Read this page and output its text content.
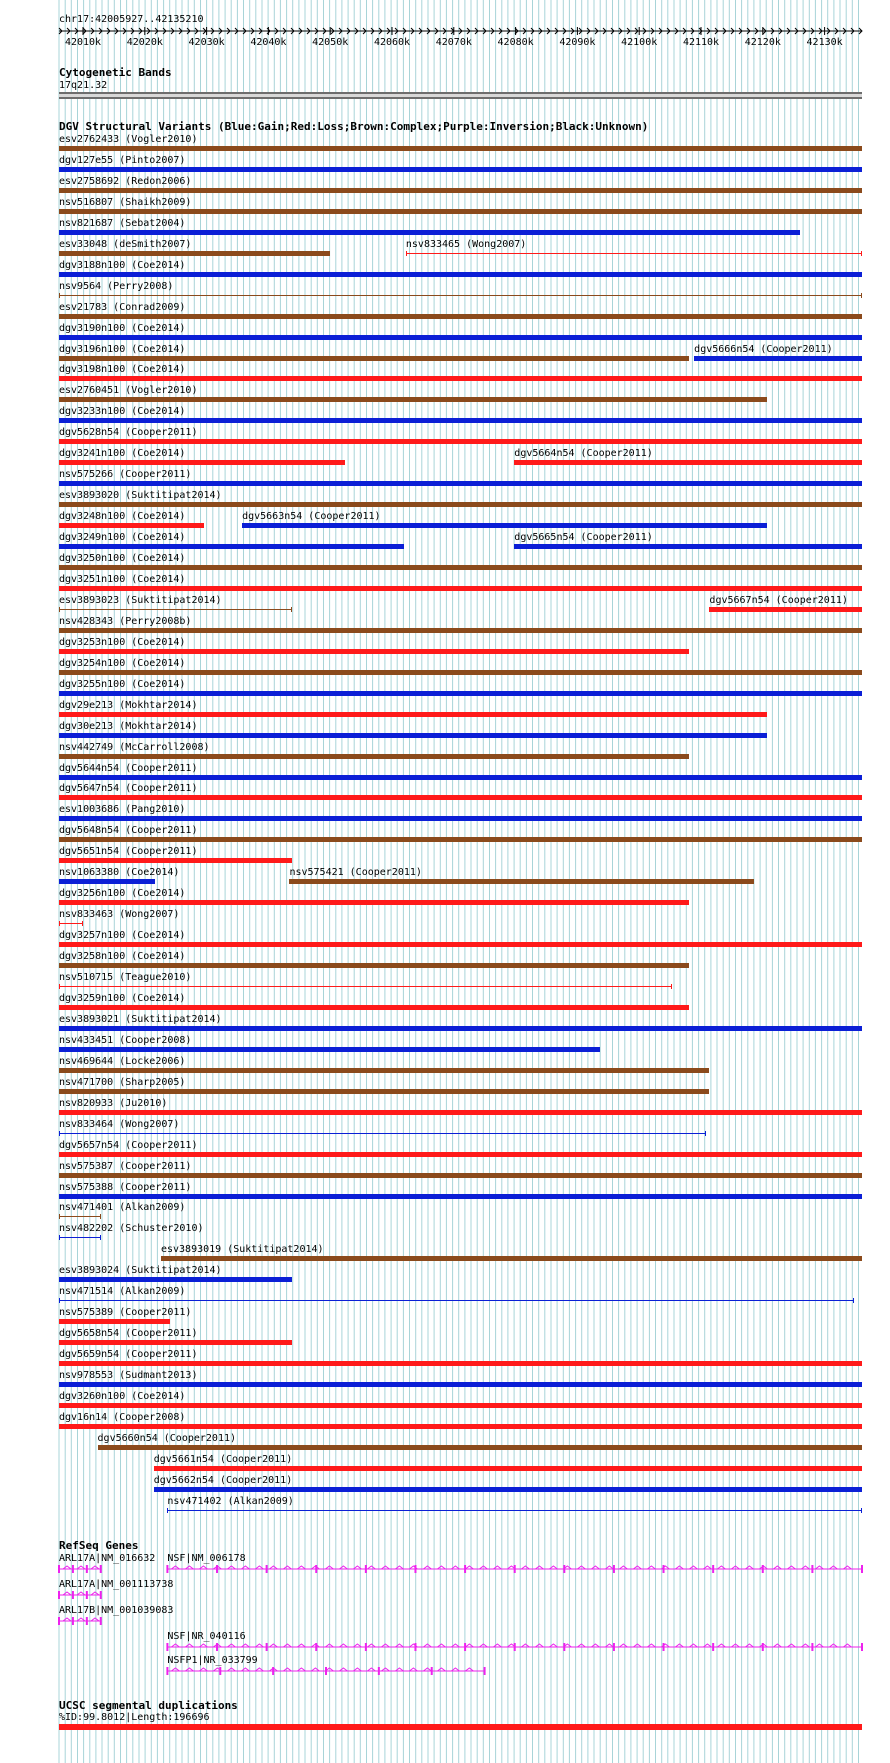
chr17:42005927..42135210
42010k	42020k	42030k	42040k	42050k	42060k	42070k	42080k	42090k	42100k	42110k	42120k	42130k
Cytogenetic Bands
17q21.32
DGV Structural Variants (Blue:Gain;Red:Loss;Brown:Complex;Purple:Inversion;Black:Unknown)
esv2762433 (Vogler2010)
dgv127e55 (Pinto2007)
esv2758692 (Redon2006)
nsv516807 (Shaikh2009)
nsv821687 (Sebat2004)
esv33048 (deSmith2007)	nsv833465 (Wong2007)
dgv3188n100 (Coe2014)
nsv9564 (Perry2008)
esv21783 (Conrad2009)
dgv3190n100 (Coe2014)
dgv3196n100 (Coe2014)	dgv5666n54 (Cooper2011)
dgv3198n100 (Coe2014)
esv2760451 (Vogler2010)
dgv3233n100 (Coe2014)
dgv5628n54 (Cooper2011)
dgv3241n100 (Coe2014)	dgv5664n54 (Cooper2011)
nsv575266 (Cooper2011)
esv3893020 (Suktitipat2014)
dgv3248n100 (Coe2014)	dgv5663n54 (Cooper2011)
dgv3249n100 (Coe2014)	dgv5665n54 (Cooper2011)
dgv3250n100 (Coe2014)
dgv3251n100 (Coe2014)
esv3893023 (Suktitipat2014)	dgv5667n54 (Cooper2011)
nsv428343 (Perry2008b)
dgv3253n100 (Coe2014)
dgv3254n100 (Coe2014)
dgv3255n100 (Coe2014)
dgv29e213 (Mokhtar2014)
dgv30e213 (Mokhtar2014)
nsv442749 (McCarroll2008)
dgv5644n54 (Cooper2011)
dgv5647n54 (Cooper2011)
esv1003686 (Pang2010)
dgv5648n54 (Cooper2011)
dgv5651n54 (Cooper2011)
nsv1063380 (Coe2014)	nsv575421 (Cooper2011)
dgv3256n100 (Coe2014)
nsv833463 (Wong2007)
dgv3257n100 (Coe2014)
dgv3258n100 (Coe2014)
nsv510715 (Teague2010)
dgv3259n100 (Coe2014)
esv3893021 (Suktitipat2014)
nsv433451 (Cooper2008)
nsv469644 (Locke2006)
nsv471700 (Sharp2005)
nsv820933 (Ju2010)
nsv833464 (Wong2007)
dgv5657n54 (Cooper2011)
nsv575387 (Cooper2011)
nsv575388 (Cooper2011)
nsv471401 (Alkan2009)
nsv482202 (Schuster2010)
esv3893019 (Suktitipat2014)
esv3893024 (Suktitipat2014)
nsv471514 (Alkan2009)
nsv575389 (Cooper2011)
dgv5658n54 (Cooper2011)
dgv5659n54 (Cooper2011)
nsv978553 (Sudmant2013)
dgv3260n100 (Coe2014)
dgv16n14 (Cooper2008)
dgv5660n54 (Cooper2011)
dgv5661n54 (Cooper2011)
dgv5662n54 (Cooper2011)
nsv471402 (Alkan2009)
RefSeq Genes
UCSC segmental duplications
%ID:99.8012|Length:196696
ARL17A|NM_016632 NSF|NM_006178
ARL17A|NM_001113738
ARL17B|NM_001039083
NSF|NR_040116
NSFP1|NR_033799
